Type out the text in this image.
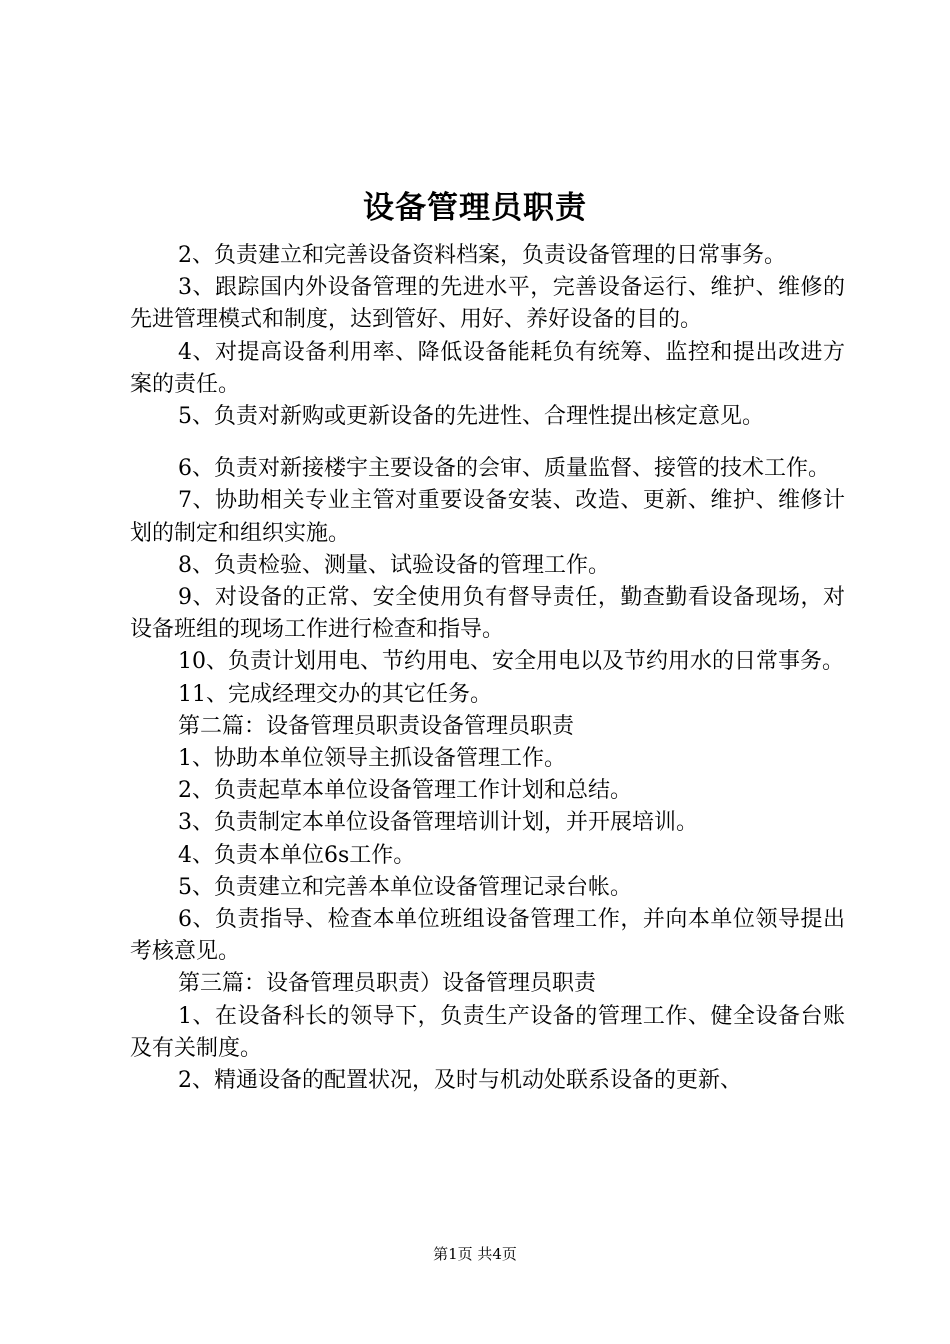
设备管理员职责

2、负责建立和完善设备资料档案，负责设备管理的日常事务。

3、跟踪国内外设备管理的先进水平，完善设备运行、维护、维修的先进管理模式和制度，达到管好、用好、养好设备的目的。

4、对提高设备利用率、降低设备能耗负有统筹、监控和提出改进方案的责任。

5、负责对新购或更新设备的先进性、合理性提出核定意见。

6、负责对新接楼宇主要设备的会审、质量监督、接管的技术工作。

7、协助相关专业主管对重要设备安装、改造、更新、维护、维修计划的制定和组织实施。

8、负责检验、测量、试验设备的管理工作。

9、对设备的正常、安全使用负有督导责任，勤查勤看设备现场，对设备班组的现场工作进行检查和指导。

10、负责计划用电、节约用电、安全用电以及节约用水的日常事务。

11、完成经理交办的其它任务。

第二篇：设备管理员职责设备管理员职责

1、协助本单位领导主抓设备管理工作。

2、负责起草本单位设备管理工作计划和总结。

3、负责制定本单位设备管理培训计划，并开展培训。

4、负责本单位6s工作。

5、负责建立和完善本单位设备管理记录台帐。

6、负责指导、检查本单位班组设备管理工作，并向本单位领导提出考核意见。

第三篇：设备管理员职责）设备管理员职责

1、在设备科长的领导下，负责生产设备的管理工作、健全设备台账及有关制度。

2、精通设备的配置状况，及时与机动处联系设备的更新、

第1页 共4页
